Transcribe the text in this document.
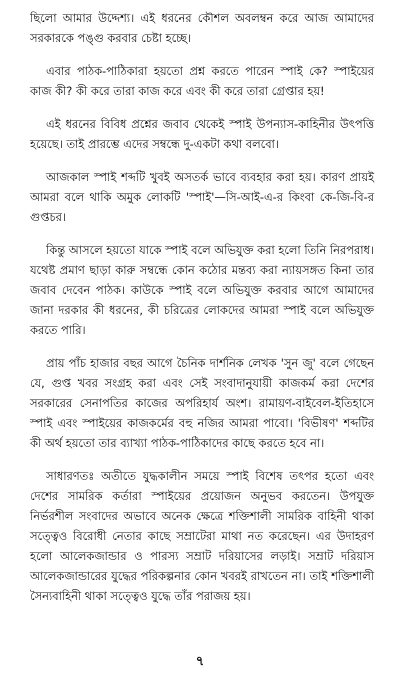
ছিলো আমার উদ্দেশ্য। এই ধরনের কৌশল অবলম্বন করে আজ আমাদের সরকারকে পঙ্গু করবার চেষ্টা হচ্ছে।

এবার পাঠক-পাঠিকারা হয়তো প্রশ্ন করতে পারেন স্পাই কে? স্পাইয়ের কাজ কী? কী করে তারা কাজ করে এবং কী করে তারা গ্রেপ্তার হয়!

এই ধরনের বিবিধ প্রশ্নের জবাব থেকেই স্পাই উপন্যাস-কাহিনীর উৎপত্তি হয়েছে। তাই প্রারম্ভে এদের সম্বন্ধে দু-একটা কথা বলবো।

আজকাল স্পাই শব্দটি খুবই অসতর্ক ভাবে ব্যবহার করা হয়। কারণ প্রায়ই আমরা বলে থাকি অমুক লোকটি 'স্পাই'—সি-আই-এ-র কিংবা কে-জি-বি-র গুপ্তচর।

কিন্তু আসলে হয়তো যাকে স্পাই বলে অভিযুক্ত করা হলো তিনি নিরপরাধ। যথেষ্ট প্রমাণ ছাড়া কারু সম্বন্ধে কোন কঠোর মন্তব্য করা ন্যায়সঙ্গত কিনা তার জবাব দেবেন পাঠক। কাউকে স্পাই বলে অভিযুক্ত করবার আগে আমাদের জানা দরকার কী ধরনের, কী চরিত্রের লোকদের আমরা স্পাই বলে অভিযুক্ত করতে পারি।

প্রায় পাঁচ হাজার বছর আগে চৈনিক দার্শনিক লেখক 'সুন জু' বলে গেছেন যে, গুপ্ত খবর সংগ্রহ করা এবং সেই সংবাদানুযায়ী কাজকর্ম করা দেশের সরকারের সেনাপতির কাজের অপরিহার্য অংশ। রামায়ণ-বাইবেল-ইতিহাসে স্পাই এবং স্পাইয়ের কাজকর্মের বহু নজির আমরা পাবো। 'বিভীষণ' শব্দটির কী অর্থ হয়তো তার ব্যাখ্যা পাঠক-পাঠিকাদের কাছে করতে হবে না।

সাধারণতঃ অতীতে যুদ্ধকালীন সময়ে স্পাই বিশেষ তৎপর হতো এবং দেশের সামরিক কর্তারা স্পাইয়ের প্রয়োজন অনুভব করতেন। উপযুক্ত নির্ভরশীল সংবাদের অভাবে অনেক ক্ষেত্রে শক্তিশালী সামরিক বাহিনী থাকা সত্ত্বেও বিরোধী নেতার কাছে সম্রাটেরা মাথা নত করেছেন। এর উদাহরণ হলো আলেকজান্ডার ও পারস্য সম্রাট দরিয়াসের লড়াই। সম্রাট দরিয়াস আলেকজান্ডারের যুদ্ধের পরিকল্পনার কোন খবরই রাখতেন না। তাই শক্তিশালী সৈন্যবাহিনী থাকা সত্ত্বেও যুদ্ধে তাঁর পরাজয় হয়।

৭
